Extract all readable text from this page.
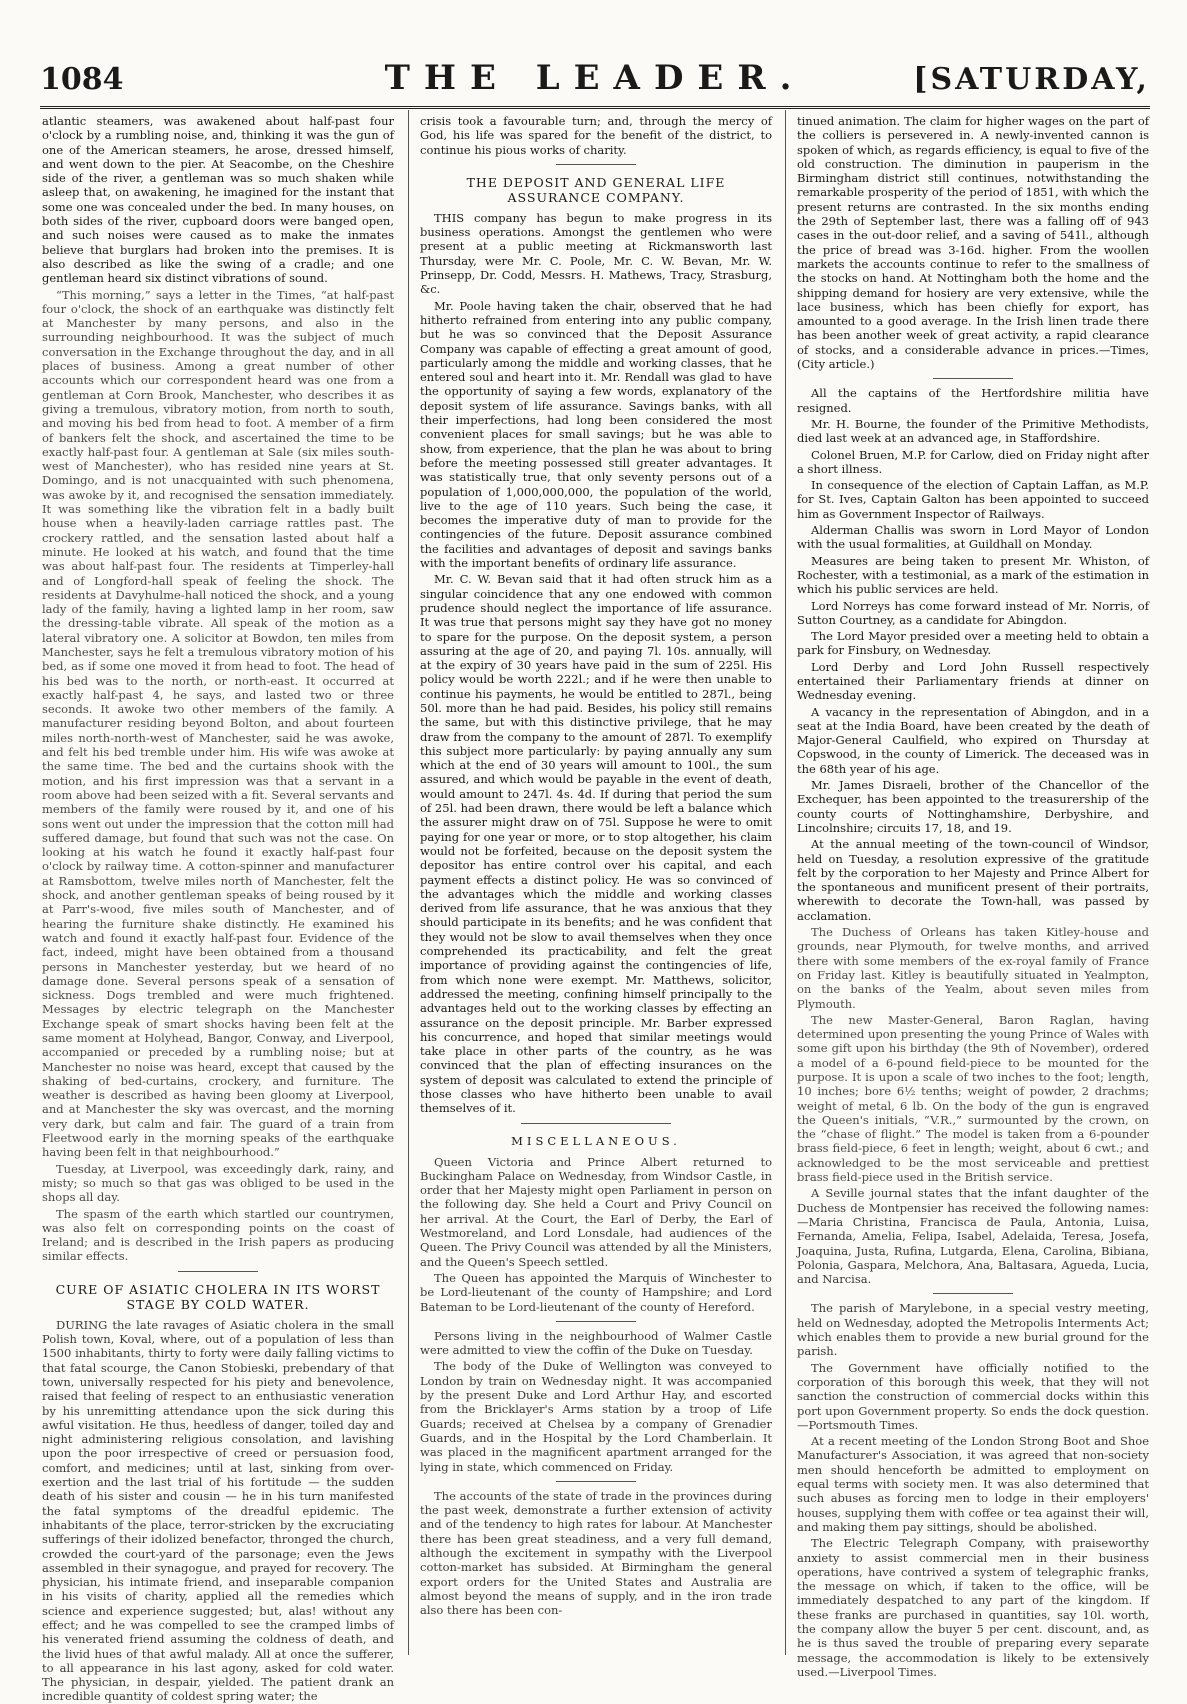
1084	THE LEADER.	[SATURDAY,

atlantic steamers, was awakened about half-past four o'clock by a rumbling noise, and, thinking it was the gun of one of the American steamers, he arose, dressed himself, and went down to the pier. At Seacombe, on the Cheshire side of the river, a gentleman was so much shaken while asleep that, on awakening, he imagined for the instant that some one was concealed under the bed. In many houses, on both sides of the river, cupboard doors were banged open, and such noises were caused as to make the inmates believe that burglars had broken into the premises. It is also described as like the swing of a cradle; and one gentleman heard six distinct vibrations of sound.

“This morning,” says a letter in the Times, “at half-past four o'clock, the shock of an earthquake was distinctly felt at Manchester by many persons, and also in the surrounding neighbourhood. It was the subject of much conversation in the Exchange throughout the day, and in all places of business. Among a great number of other accounts which our correspondent heard was one from a gentleman at Corn Brook, Manchester, who describes it as giving a tremulous, vibratory motion, from north to south, and moving his bed from head to foot. A member of a firm of bankers felt the shock, and ascertained the time to be exactly half-past four. A gentleman at Sale (six miles south-west of Manchester), who has resided nine years at St. Domingo, and is not unacquainted with such phenomena, was awoke by it, and recognised the sensation immediately. It was something like the vibration felt in a badly built house when a heavily-laden carriage rattles past. The crockery rattled, and the sensation lasted about half a minute. He looked at his watch, and found that the time was about half-past four. The residents at Timperley-hall and of Longford-hall speak of feeling the shock. The residents at Davyhulme-hall noticed the shock, and a young lady of the family, having a lighted lamp in her room, saw the dressing-table vibrate. All speak of the motion as a lateral vibratory one. A solicitor at Bowdon, ten miles from Manchester, says he felt a tremulous vibratory motion of his bed, as if some one moved it from head to foot. The head of his bed was to the north, or north-east. It occurred at exactly half-past 4, he says, and lasted two or three seconds. It awoke two other members of the family. A manufacturer residing beyond Bolton, and about fourteen miles north-north-west of Manchester, said he was awoke, and felt his bed tremble under him. His wife was awoke at the same time. The bed and the curtains shook with the motion, and his first impression was that a servant in a room above had been seized with a fit. Several servants and members of the family were roused by it, and one of his sons went out under the impression that the cotton mill had suffered damage, but found that such was not the case. On looking at his watch he found it exactly half-past four o'clock by railway time. A cotton-spinner and manufacturer at Ramsbottom, twelve miles north of Manchester, felt the shock, and another gentleman speaks of being roused by it at Parr's-wood, five miles south of Manchester, and of hearing the furniture shake distinctly. He examined his watch and found it exactly half-past four. Evidence of the fact, indeed, might have been obtained from a thousand persons in Manchester yesterday, but we heard of no damage done. Several persons speak of a sensation of sickness. Dogs trembled and were much frightened. Messages by electric telegraph on the Manchester Exchange speak of smart shocks having been felt at the same moment at Holyhead, Bangor, Conway, and Liverpool, accompanied or preceded by a rumbling noise; but at Manchester no noise was heard, except that caused by the shaking of bed-curtains, crockery, and furniture. The weather is described as having been gloomy at Liverpool, and at Manchester the sky was overcast, and the morning very dark, but calm and fair. The guard of a train from Fleetwood early in the morning speaks of the earthquake having been felt in that neighbourhood.”

Tuesday, at Liverpool, was exceedingly dark, rainy, and misty; so much so that gas was obliged to be used in the shops all day.

The spasm of the earth which startled our countrymen, was also felt on corresponding points on the coast of Ireland; and is described in the Irish papers as producing similar effects.

CURE OF ASIATIC CHOLERA IN ITS WORST STAGE BY COLD WATER.

DURING the late ravages of Asiatic cholera in the small Polish town, Koval, where, out of a population of less than 1500 inhabitants, thirty to forty were daily falling victims to that fatal scourge, the Canon Stobieski, prebendary of that town, universally respected for his piety and benevolence, raised that feeling of respect to an enthusiastic veneration by his unremitting attendance upon the sick during this awful visitation. He thus, heedless of danger, toiled day and night administering religious consolation, and lavishing upon the poor irrespective of creed or persuasion food, comfort, and medicines; until at last, sinking from over-exertion and the last trial of his fortitude — the sudden death of his sister and cousin — he in his turn manifested the fatal symptoms of the dreadful epidemic. The inhabitants of the place, terror-stricken by the excruciating sufferings of their idolized benefactor, thronged the church, crowded the court-yard of the parsonage; even the Jews assembled in their synagogue, and prayed for recovery. The physician, his intimate friend, and inseparable companion in his visits of charity, applied all the remedies which science and experience suggested; but, alas! without any effect; and he was compelled to see the cramped limbs of his venerated friend assuming the coldness of death, and the livid hues of that awful malady. All at once the sufferer, to all appearance in his last agony, asked for cold water. The physician, in despair, yielded. The patient drank an incredible quantity of coldest spring water; the

crisis took a favourable turn; and, through the mercy of God, his life was spared for the benefit of the district, to continue his pious works of charity.

THE DEPOSIT AND GENERAL LIFE ASSURANCE COMPANY.

THIS company has begun to make progress in its business operations. Amongst the gentlemen who were present at a public meeting at Rickmansworth last Thursday, were Mr. C. Poole, Mr. C. W. Bevan, Mr. W. Prinsepp, Dr. Codd, Messrs. H. Mathews, Tracy, Strasburg, &c.

Mr. Poole having taken the chair, observed that he had hitherto refrained from entering into any public company, but he was so convinced that the Deposit Assurance Company was capable of effecting a great amount of good, particularly among the middle and working classes, that he entered soul and heart into it. Mr. Rendall was glad to have the opportunity of saying a few words, explanatory of the deposit system of life assurance. Savings banks, with all their imperfections, had long been considered the most convenient places for small savings; but he was able to show, from experience, that the plan he was about to bring before the meeting possessed still greater advantages. It was statistically true, that only seventy persons out of a population of 1,000,000,000, the population of the world, live to the age of 110 years. Such being the case, it becomes the imperative duty of man to provide for the contingencies of the future. Deposit assurance combined the facilities and advantages of deposit and savings banks with the important benefits of ordinary life assurance.

Mr. C. W. Bevan said that it had often struck him as a singular coincidence that any one endowed with common prudence should neglect the importance of life assurance. It was true that persons might say they have got no money to spare for the purpose. On the deposit system, a person assuring at the age of 20, and paying 7l. 10s. annually, will at the expiry of 30 years have paid in the sum of 225l. His policy would be worth 222l.; and if he were then unable to continue his payments, he would be entitled to 287l., being 50l. more than he had paid. Besides, his policy still remains the same, but with this distinctive privilege, that he may draw from the company to the amount of 287l. To exemplify this subject more particularly: by paying annually any sum which at the end of 30 years will amount to 100l., the sum assured, and which would be payable in the event of death, would amount to 247l. 4s. 4d. If during that period the sum of 25l. had been drawn, there would be left a balance which the assurer might draw on of 75l. Suppose he were to omit paying for one year or more, or to stop altogether, his claim would not be forfeited, because on the deposit system the depositor has entire control over his capital, and each payment effects a distinct policy. He was so convinced of the advantages which the middle and working classes derived from life assurance, that he was anxious that they should participate in its benefits; and he was confident that they would not be slow to avail themselves when they once comprehended its practicability, and felt the great importance of providing against the contingencies of life, from which none were exempt. Mr. Matthews, solicitor, addressed the meeting, confining himself principally to the advantages held out to the working classes by effecting an assurance on the deposit principle. Mr. Barber expressed his concurrence, and hoped that similar meetings would take place in other parts of the country, as he was convinced that the plan of effecting insurances on the system of deposit was calculated to extend the principle of those classes who have hitherto been unable to avail themselves of it.

MISCELLANEOUS.

Queen Victoria and Prince Albert returned to Buckingham Palace on Wednesday, from Windsor Castle, in order that her Majesty might open Parliament in person on the following day. She held a Court and Privy Council on her arrival. At the Court, the Earl of Derby, the Earl of Westmoreland, and Lord Lonsdale, had audiences of the Queen. The Privy Council was attended by all the Ministers, and the Queen's Speech settled.

The Queen has appointed the Marquis of Winchester to be Lord-lieutenant of the county of Hampshire; and Lord Bateman to be Lord-lieutenant of the county of Hereford.

Persons living in the neighbourhood of Walmer Castle were admitted to view the coffin of the Duke on Tuesday.

The body of the Duke of Wellington was conveyed to London by train on Wednesday night. It was accompanied by the present Duke and Lord Arthur Hay, and escorted from the Bricklayer's Arms station by a troop of Life Guards; received at Chelsea by a company of Grenadier Guards, and in the Hospital by the Lord Chamberlain. It was placed in the magnificent apartment arranged for the lying in state, which commenced on Friday.

The accounts of the state of trade in the provinces during the past week, demonstrate a further extension of activity and of the tendency to high rates for labour. At Manchester there has been great steadiness, and a very full demand, although the excitement in sympathy with the Liverpool cotton-market has subsided. At Birmingham the general export orders for the United States and Australia are almost beyond the means of supply, and in the iron trade also there has been con-

tinued animation. The claim for higher wages on the part of the colliers is persevered in. A newly-invented cannon is spoken of which, as regards efficiency, is equal to five of the old construction. The diminution in pauperism in the Birmingham district still continues, notwithstanding the remarkable prosperity of the period of 1851, with which the present returns are contrasted. In the six months ending the 29th of September last, there was a falling off of 943 cases in the out-door relief, and a saving of 541l., although the price of bread was 3-16d. higher. From the woollen markets the accounts continue to refer to the smallness of the stocks on hand. At Nottingham both the home and the shipping demand for hosiery are very extensive, while the lace business, which has been chiefly for export, has amounted to a good average. In the Irish linen trade there has been another week of great activity, a rapid clearance of stocks, and a considerable advance in prices.—Times, (City article.)

All the captains of the Hertfordshire militia have resigned.

Mr. H. Bourne, the founder of the Primitive Methodists, died last week at an advanced age, in Staffordshire.

Colonel Bruen, M.P. for Carlow, died on Friday night after a short illness.

In consequence of the election of Captain Laffan, as M.P. for St. Ives, Captain Galton has been appointed to succeed him as Government Inspector of Railways.

Alderman Challis was sworn in Lord Mayor of London with the usual formalities, at Guildhall on Monday.

Measures are being taken to present Mr. Whiston, of Rochester, with a testimonial, as a mark of the estimation in which his public services are held.

Lord Norreys has come forward instead of Mr. Norris, of Sutton Courtney, as a candidate for Abingdon.

The Lord Mayor presided over a meeting held to obtain a park for Finsbury, on Wednesday.

Lord Derby and Lord John Russell respectively entertained their Parliamentary friends at dinner on Wednesday evening.

A vacancy in the representation of Abingdon, and in a seat at the India Board, have been created by the death of Major-General Caulfield, who expired on Thursday at Copswood, in the county of Limerick. The deceased was in the 68th year of his age.

Mr. James Disraeli, brother of the Chancellor of the Exchequer, has been appointed to the treasurership of the county courts of Nottinghamshire, Derbyshire, and Lincolnshire; circuits 17, 18, and 19.

At the annual meeting of the town-council of Windsor, held on Tuesday, a resolution expressive of the gratitude felt by the corporation to her Majesty and Prince Albert for the spontaneous and munificent present of their portraits, wherewith to decorate the Town-hall, was passed by acclamation.

The Duchess of Orleans has taken Kitley-house and grounds, near Plymouth, for twelve months, and arrived there with some members of the ex-royal family of France on Friday last. Kitley is beautifully situated in Yealmpton, on the banks of the Yealm, about seven miles from Plymouth.

The new Master-General, Baron Raglan, having determined upon presenting the young Prince of Wales with some gift upon his birthday (the 9th of November), ordered a model of a 6-pound field-piece to be mounted for the purpose. It is upon a scale of two inches to the foot; length, 10 inches; bore 6½ tenths; weight of powder, 2 drachms; weight of metal, 6 lb. On the body of the gun is engraved the Queen's initials, “V.R.,” surmounted by the crown, on the “chase of flight.” The model is taken from a 6-pounder brass field-piece, 6 feet in length; weight, about 6 cwt.; and acknowledged to be the most serviceable and prettiest brass field-piece used in the British service.

A Seville journal states that the infant daughter of the Duchess de Montpensier has received the following names: —Maria Christina, Francisca de Paula, Antonia, Luisa, Fernanda, Amelia, Felipa, Isabel, Adelaida, Teresa, Josefa, Joaquina, Justa, Rufina, Lutgarda, Elena, Carolina, Bibiana, Polonia, Gaspara, Melchora, Ana, Baltasara, Agueda, Lucia, and Narcisa.

The parish of Marylebone, in a special vestry meeting, held on Wednesday, adopted the Metropolis Interments Act; which enables them to provide a new burial ground for the parish.

The Government have officially notified to the corporation of this borough this week, that they will not sanction the construction of commercial docks within this port upon Government property. So ends the dock question.—Portsmouth Times.

At a recent meeting of the London Strong Boot and Shoe Manufacturer's Association, it was agreed that non-society men should henceforth be admitted to employment on equal terms with society men. It was also determined that such abuses as forcing men to lodge in their employers' houses, supplying them with coffee or tea against their will, and making them pay sittings, should be abolished.

The Electric Telegraph Company, with praiseworthy anxiety to assist commercial men in their business operations, have contrived a system of telegraphic franks, the message on which, if taken to the office, will be immediately despatched to any part of the kingdom. If these franks are purchased in quantities, say 10l. worth, the company allow the buyer 5 per cent. discount, and, as he is thus saved the trouble of preparing every separate message, the accommodation is likely to be extensively used.—Liverpool Times.
